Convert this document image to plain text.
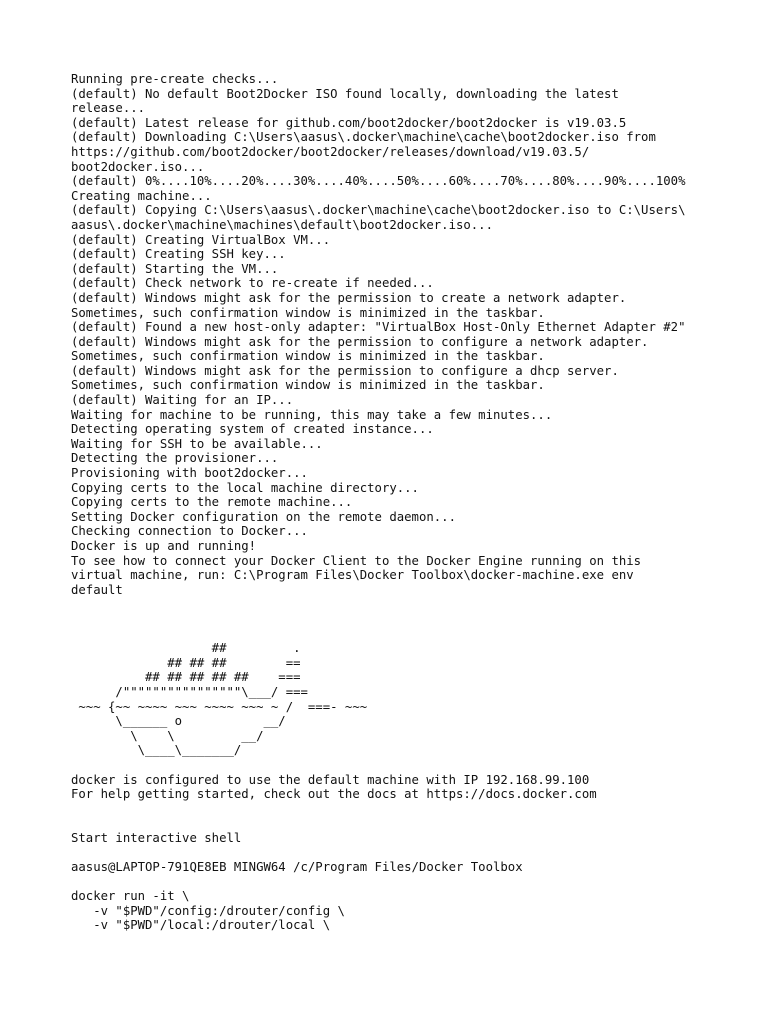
Running pre-create checks...
(default) No default Boot2Docker ISO found locally, downloading the latest
release...
(default) Latest release for github.com/boot2docker/boot2docker is v19.03.5
(default) Downloading C:\Users\aasus\.docker\machine\cache\boot2docker.iso from
https://github.com/boot2docker/boot2docker/releases/download/v19.03.5/
boot2docker.iso...
(default) 0%....10%....20%....30%....40%....50%....60%....70%....80%....90%....100%
Creating machine...
(default) Copying C:\Users\aasus\.docker\machine\cache\boot2docker.iso to C:\Users\
aasus\.docker\machine\machines\default\boot2docker.iso...
(default) Creating VirtualBox VM...
(default) Creating SSH key...
(default) Starting the VM...
(default) Check network to re-create if needed...
(default) Windows might ask for the permission to create a network adapter.
Sometimes, such confirmation window is minimized in the taskbar.
(default) Found a new host-only adapter: "VirtualBox Host-Only Ethernet Adapter #2"
(default) Windows might ask for the permission to configure a network adapter.
Sometimes, such confirmation window is minimized in the taskbar.
(default) Windows might ask for the permission to configure a dhcp server.
Sometimes, such confirmation window is minimized in the taskbar.
(default) Waiting for an IP...
Waiting for machine to be running, this may take a few minutes...
Detecting operating system of created instance...
Waiting for SSH to be available...
Detecting the provisioner...
Provisioning with boot2docker...
Copying certs to the local machine directory...
Copying certs to the remote machine...
Setting Docker configuration on the remote daemon...
Checking connection to Docker...
Docker is up and running!
To see how to connect your Docker Client to the Docker Engine running on this
virtual machine, run: C:\Program Files\Docker Toolbox\docker-machine.exe env
default
##         .
## ## ##        ==
## ## ## ## ##    ===
/""""""""""""""""\___/ ===
~~~ {~~ ~~~~ ~~~ ~~~~ ~~~ ~ /  ===- ~~~
\______ o           __/
\    \         __/
\____\_______/
docker is configured to use the default machine with IP 192.168.99.100
For help getting started, check out the docs at https://docs.docker.com
Start interactive shell
aasus@LAPTOP-791QE8EB MINGW64 /c/Program Files/Docker Toolbox
docker run -it \
-v "$PWD"/config:/drouter/config \
-v "$PWD"/local:/drouter/local \
